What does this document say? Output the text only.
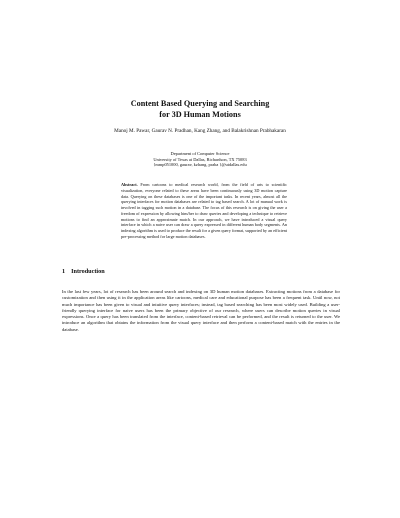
Content Based Querying and Searching
for 3D Human Motions
Manoj M. Pawar, Gaurav N. Pradhan, Kang Zhang, and Balakrishnan Prabhakaran
Department of Computer Science
University of Texas at Dallas, Richardson, TX 75083
{mmp051000, gaurav, kzhang, praba }@utdallas.edu
Abstract. From cartoons to medical research world, from the field of arts to scientific visualization, everyone related to these areas have been continuously using 3D motion capture data. Querying on these databases is one of the important tasks. In recent years, almost all the querying interfaces for motion databases are related to tag based search. A lot of manual work is involved in tagging such motion in a database. The focus of this research is on giving the user a freedom of expression by allowing him/her to draw queries and developing a technique to retrieve motions to find an approximate match. In our approach, we have introduced a visual query interface in which a naive user can draw a query expressed in different human body segments. An indexing algorithm is used to produce the result for a given query format, supported by an efficient pre-processing method for large motion databases.
1 Introduction
In the last few years, lot of research has been around search and indexing on 3D human motion databases. Extracting motions from a database for customization and then using it in the application areas like cartoons, medical care and educational purpose has been a frequent task. Until now, not much importance has been given to visual and intuitive query interfaces; instead, tag based searching has been most widely used. Building a user-friendly querying interface for naive users has been the primary objective of our research, where users can describe motion queries in visual expressions. Once a query has been translated from the interface, content-based retrieval can be performed, and the result is returned to the user. We introduce an algorithm that obtains the information from the visual query interface and then perform a content-based match with the entries in the database.
